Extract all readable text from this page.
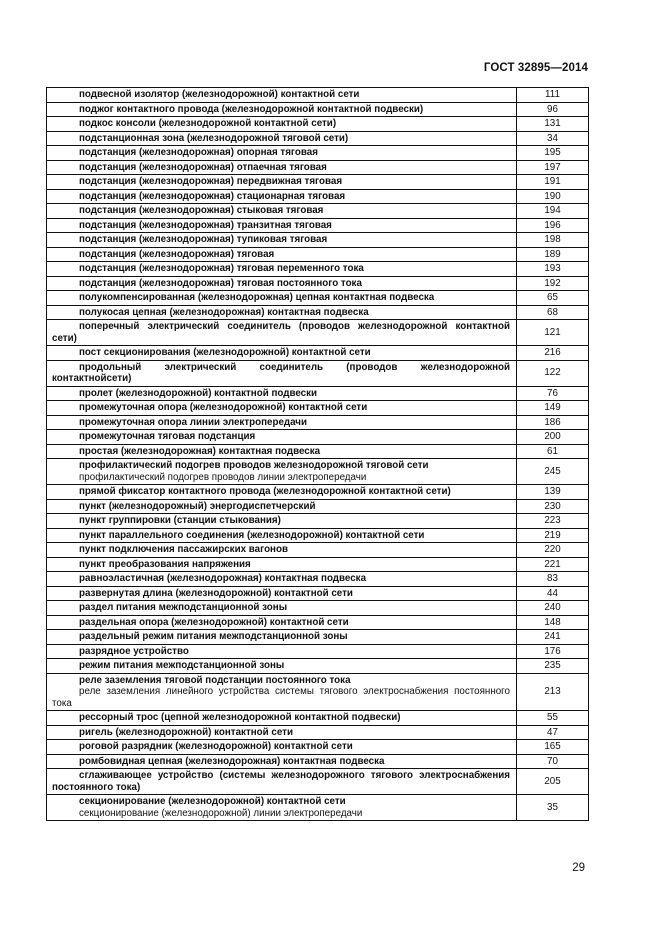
ГОСТ 32895—2014
подвесной изолятор (железнодорожной) контактной сети	111

поджог контактного провода (железнодорожной контактной подвески)	96

подкос консоли (железнодорожной контактной сети)	131

подстанционная зона (железнодорожной тяговой сети)	34

подстанция (железнодорожная) опорная тяговая	195

подстанция (железнодорожная) отпаечная тяговая	197

подстанция (железнодорожная) передвижная тяговая	191

подстанция (железнодорожная) стационарная тяговая	190

подстанция (железнодорожная) стыковая тяговая	194

подстанция (железнодорожная) транзитная тяговая	196

подстанция (железнодорожная) тупиковая тяговая	198

подстанция (железнодорожная) тяговая	189

подстанция (железнодорожная) тяговая переменного тока	193

подстанция (железнодорожная) тяговая постоянного тока	192

полукомпенсированная (железнодорожная) цепная контактная подвеска	65

полукосая цепная (железнодорожная) контактная подвеска	68

поперечный электрический соединитель (проводов железнодорожной контактной сети)	121

пост секционирования (железнодорожной) контактной сети	216

продольный электрический соединитель (проводов железнодорожной контактнойсети)	122

пролет (железнодорожной) контактной подвески	76

промежуточная опора (железнодорожной) контактной сети	149

промежуточная опора линии электропередачи	186

промежуточная тяговая подстанция	200

простая (железнодорожная) контактная подвеска	61

профилактический подогрев проводов железнодорожной тяговой сети
профилактический подогрев проводов линии электропередачи	245

прямой фиксатор контактного провода (железнодорожной контактной сети)	139

пункт (железнодорожный) энергодиспетчерский	230

пункт группировки (станции стыкования)	223

пункт параллельного соединения (железнодорожной) контактной сети	219

пункт подключения пассажирских вагонов	220

пункт преобразования напряжения	221

равноэластичная (железнодорожная) контактная подвеска	83

развернутая длина (железнодорожной) контактной сети	44

раздел питания межподстанционной зоны	240

раздельная опора (железнодорожной) контактной сети	148

раздельный режим питания межподстанционной зоны	241

разрядное устройство	176

режим питания межподстанционной зоны	235

реле заземления тяговой подстанции постоянного тока
реле заземления линейного устройства системы тягового электроснабжения постоянного тока	213

рессорный трос (цепной железнодорожной контактной подвески)	55

ригель (железнодорожной) контактной сети	47

роговой разрядник (железнодорожной) контактной сети	165

ромбовидная цепная (железнодорожная) контактная подвеска	70

сглаживающее устройство (системы железнодорожного тягового электроснабжения постоянного тока)	205

секционирование (железнодорожной) контактной сети
секционирование (железнодорожной) линии электропередачи	35
29
